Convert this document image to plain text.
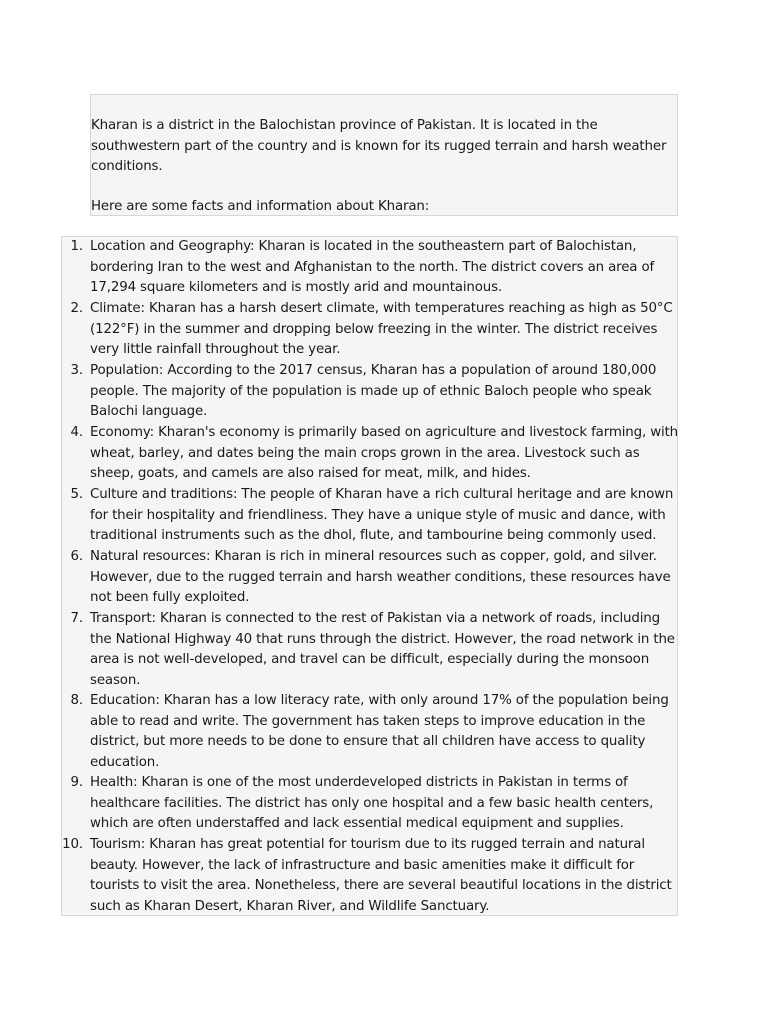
Kharan is a district in the Balochistan province of Pakistan. It is located in the southwestern part of the country and is known for its rugged terrain and harsh weather conditions.

Here are some facts and information about Kharan:

1. Location and Geography: Kharan is located in the southeastern part of Balochistan, bordering Iran to the west and Afghanistan to the north. The district covers an area of 17,294 square kilometers and is mostly arid and mountainous.
2. Climate: Kharan has a harsh desert climate, with temperatures reaching as high as 50°C (122°F) in the summer and dropping below freezing in the winter. The district receives very little rainfall throughout the year.
3. Population: According to the 2017 census, Kharan has a population of around 180,000 people. The majority of the population is made up of ethnic Baloch people who speak Balochi language.
4. Economy: Kharan's economy is primarily based on agriculture and livestock farming, with wheat, barley, and dates being the main crops grown in the area. Livestock such as sheep, goats, and camels are also raised for meat, milk, and hides.
5. Culture and traditions: The people of Kharan have a rich cultural heritage and are known for their hospitality and friendliness. They have a unique style of music and dance, with traditional instruments such as the dhol, flute, and tambourine being commonly used.
6. Natural resources: Kharan is rich in mineral resources such as copper, gold, and silver. However, due to the rugged terrain and harsh weather conditions, these resources have not been fully exploited.
7. Transport: Kharan is connected to the rest of Pakistan via a network of roads, including the National Highway 40 that runs through the district. However, the road network in the area is not well-developed, and travel can be difficult, especially during the monsoon season.
8. Education: Kharan has a low literacy rate, with only around 17% of the population being able to read and write. The government has taken steps to improve education in the district, but more needs to be done to ensure that all children have access to quality education.
9. Health: Kharan is one of the most underdeveloped districts in Pakistan in terms of healthcare facilities. The district has only one hospital and a few basic health centers, which are often understaffed and lack essential medical equipment and supplies.
10. Tourism: Kharan has great potential for tourism due to its rugged terrain and natural beauty. However, the lack of infrastructure and basic amenities make it difficult for tourists to visit the area. Nonetheless, there are several beautiful locations in the district such as Kharan Desert, Kharan River, and Wildlife Sanctuary.
